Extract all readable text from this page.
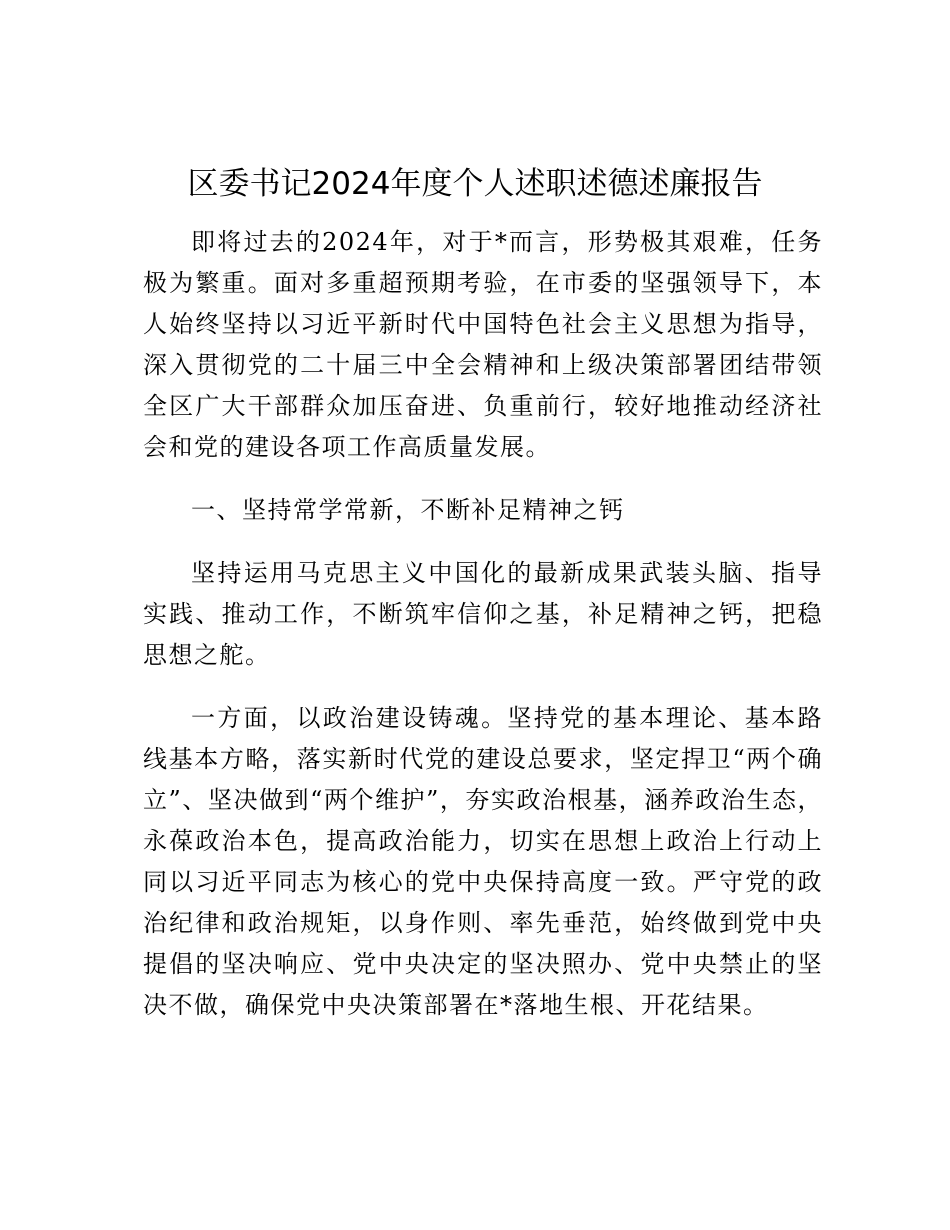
区委书记2024年度个人述职述德述廉报告

即将过去的2024年，对于*而言，形势极其艰难，任务极为繁重。面对多重超预期考验，在市委的坚强领导下，本人始终坚持以习近平新时代中国特色社会主义思想为指导，深入贯彻党的二十届三中全会精神和上级决策部署团结带领全区广大干部群众加压奋进、负重前行，较好地推动经济社会和党的建设各项工作高质量发展。

一、坚持常学常新，不断补足精神之钙

坚持运用马克思主义中国化的最新成果武装头脑、指导实践、推动工作，不断筑牢信仰之基，补足精神之钙，把稳思想之舵。

一方面，以政治建设铸魂。坚持党的基本理论、基本路线基本方略，落实新时代党的建设总要求，坚定捍卫“两个确立”、坚决做到“两个维护”，夯实政治根基，涵养政治生态，永葆政治本色，提高政治能力，切实在思想上政治上行动上同以习近平同志为核心的党中央保持高度一致。严守党的政治纪律和政治规矩，以身作则、率先垂范，始终做到党中央提倡的坚决响应、党中央决定的坚决照办、党中央禁止的坚决不做，确保党中央决策部署在*落地生根、开花结果。
